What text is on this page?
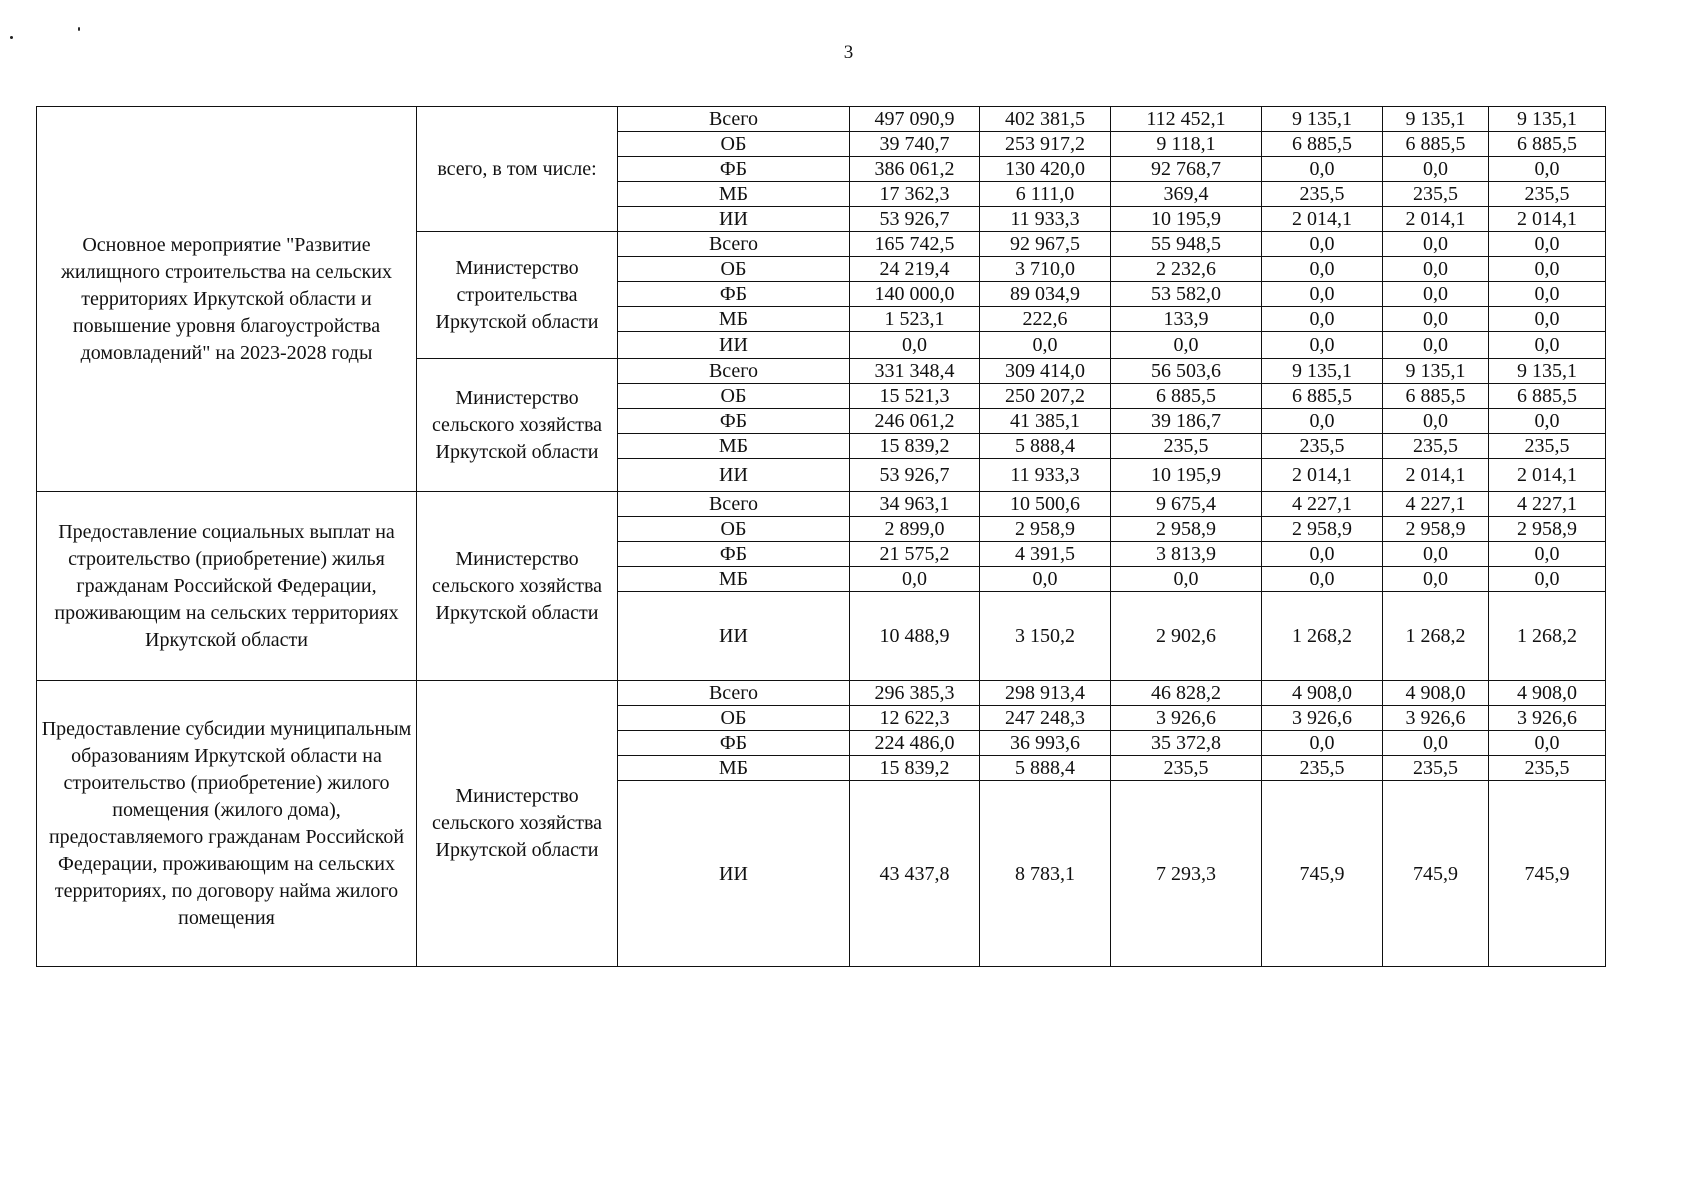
3
Основное мероприятие "Развитие жилищного строительства на сельских территориях Иркутской области и повышение уровня благоустройства домовладений" на 2023-2028 годы	всего, в том числе:	Всего	497 090,9	402 381,5	112 452,1	9 135,1	9 135,1	9 135,1
		ОБ	39 740,7	253 917,2	9 118,1	6 885,5	6 885,5	6 885,5
		ФБ	386 061,2	130 420,0	92 768,7	0,0	0,0	0,0
		МБ	17 362,3	6 111,0	369,4	235,5	235,5	235,5
		ИИ	53 926,7	11 933,3	10 195,9	2 014,1	2 014,1	2 014,1
	Министерство строительства Иркутской области	Всего	165 742,5	92 967,5	55 948,5	0,0	0,0	0,0
		ОБ	24 219,4	3 710,0	2 232,6	0,0	0,0	0,0
		ФБ	140 000,0	89 034,9	53 582,0	0,0	0,0	0,0
		МБ	1 523,1	222,6	133,9	0,0	0,0	0,0
		ИИ	0,0	0,0	0,0	0,0	0,0	0,0
	Министерство сельского хозяйства Иркутской области	Всего	331 348,4	309 414,0	56 503,6	9 135,1	9 135,1	9 135,1
		ОБ	15 521,3	250 207,2	6 885,5	6 885,5	6 885,5	6 885,5
		ФБ	246 061,2	41 385,1	39 186,7	0,0	0,0	0,0
		МБ	15 839,2	5 888,4	235,5	235,5	235,5	235,5
		ИИ	53 926,7	11 933,3	10 195,9	2 014,1	2 014,1	2 014,1
Предоставление социальных выплат на строительство (приобретение) жилья гражданам Российской Федерации, проживающим на сельских территориях Иркутской области	Министерство сельского хозяйства Иркутской области	Всего	34 963,1	10 500,6	9 675,4	4 227,1	4 227,1	4 227,1
		ОБ	2 899,0	2 958,9	2 958,9	2 958,9	2 958,9	2 958,9
		ФБ	21 575,2	4 391,5	3 813,9	0,0	0,0	0,0
		МБ	0,0	0,0	0,0	0,0	0,0	0,0
		ИИ	10 488,9	3 150,2	2 902,6	1 268,2	1 268,2	1 268,2
Предоставление субсидии муниципальным образованиям Иркутской области на строительство (приобретение) жилого помещения (жилого дома), предоставляемого гражданам Российской Федерации, проживающим на сельских территориях, по договору найма жилого помещения	Министерство сельского хозяйства Иркутской области	Всего	296 385,3	298 913,4	46 828,2	4 908,0	4 908,0	4 908,0
		ОБ	12 622,3	247 248,3	3 926,6	3 926,6	3 926,6	3 926,6
		ФБ	224 486,0	36 993,6	35 372,8	0,0	0,0	0,0
		МБ	15 839,2	5 888,4	235,5	235,5	235,5	235,5
		ИИ	43 437,8	8 783,1	7 293,3	745,9	745,9	745,9
